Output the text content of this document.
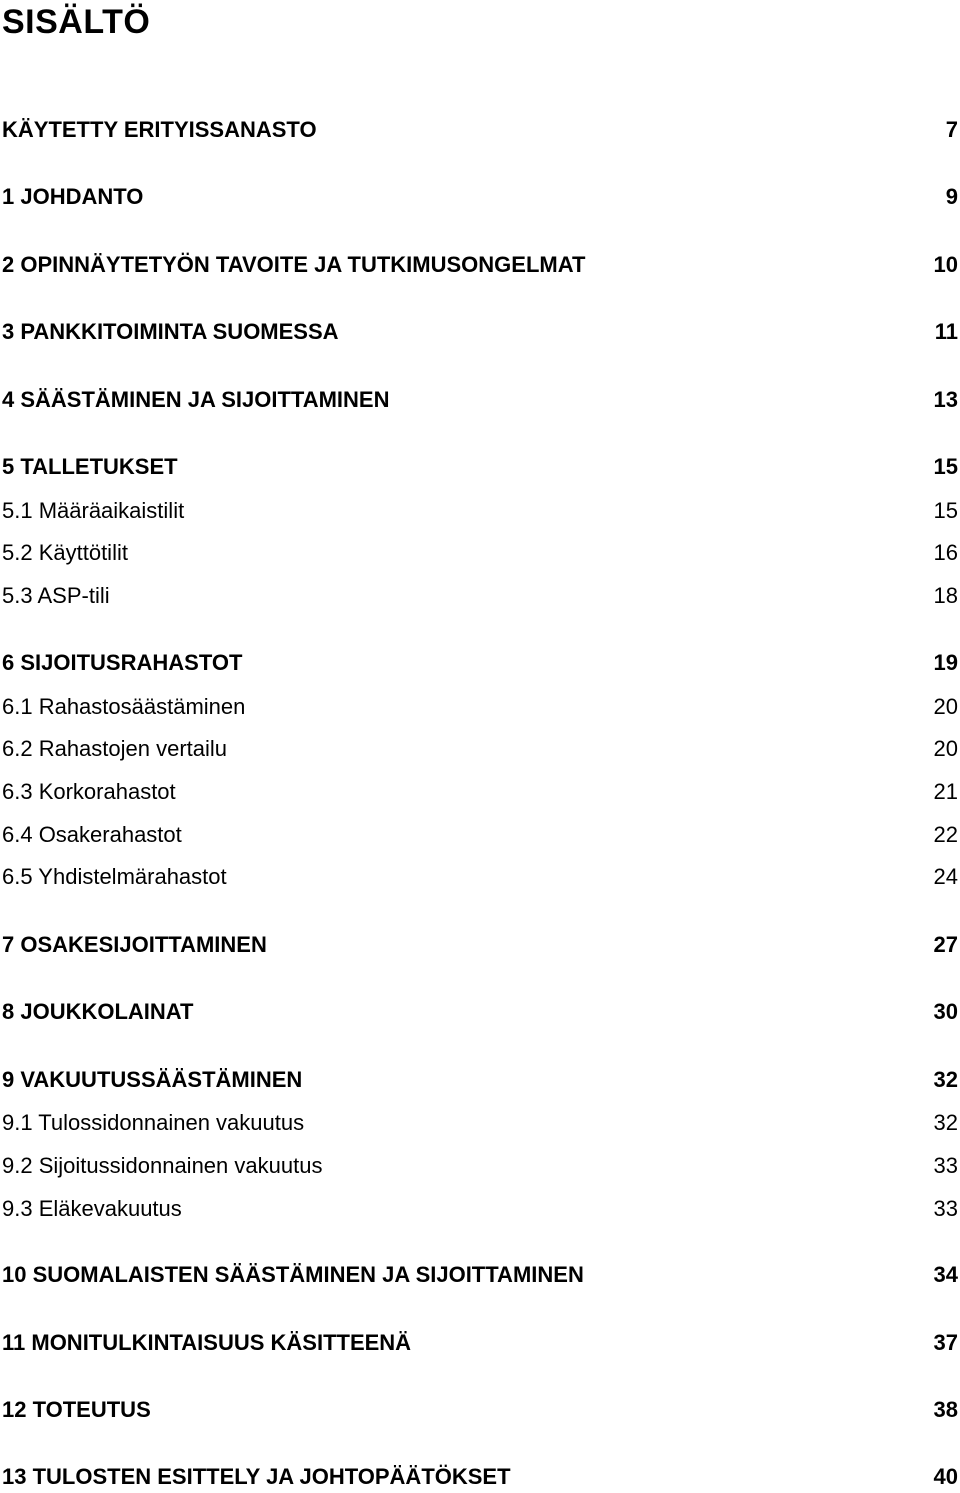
SISÄLTÖ
KÄYTETTY ERITYISSANASTO	7
1 JOHDANTO	9
2 OPINNÄYTETYÖN TAVOITE JA TUTKIMUSONGELMAT	10
3 PANKKITOIMINTA SUOMESSA	11
4 SÄÄSTÄMINEN JA SIJOITTAMINEN	13
5 TALLETUKSET	15
5.1 Määräaikaistilit	15
5.2 Käyttötilit	16
5.3 ASP-tili	18
6 SIJOITUSRAHASTOT	19
6.1 Rahastosäästäminen	20
6.2 Rahastojen vertailu	20
6.3 Korkorahastot	21
6.4 Osakerahastot	22
6.5 Yhdistelmärahastot	24
7 OSAKESIJOITTAMINEN	27
8 JOUKKOLAINAT	30
9 VAKUUTUSSÄÄSTÄMINEN	32
9.1 Tulossidonnainen vakuutus	32
9.2 Sijoitussidonnainen vakuutus	33
9.3 Eläkevakuutus	33
10 SUOMALAISTEN SÄÄSTÄMINEN JA SIJOITTAMINEN	34
11 MONITULKINTAISUUS KÄSITTEENÄ	37
12 TOTEUTUS	38
13 TULOSTEN ESITTELY JA JOHTOPÄÄTÖKSET	40
